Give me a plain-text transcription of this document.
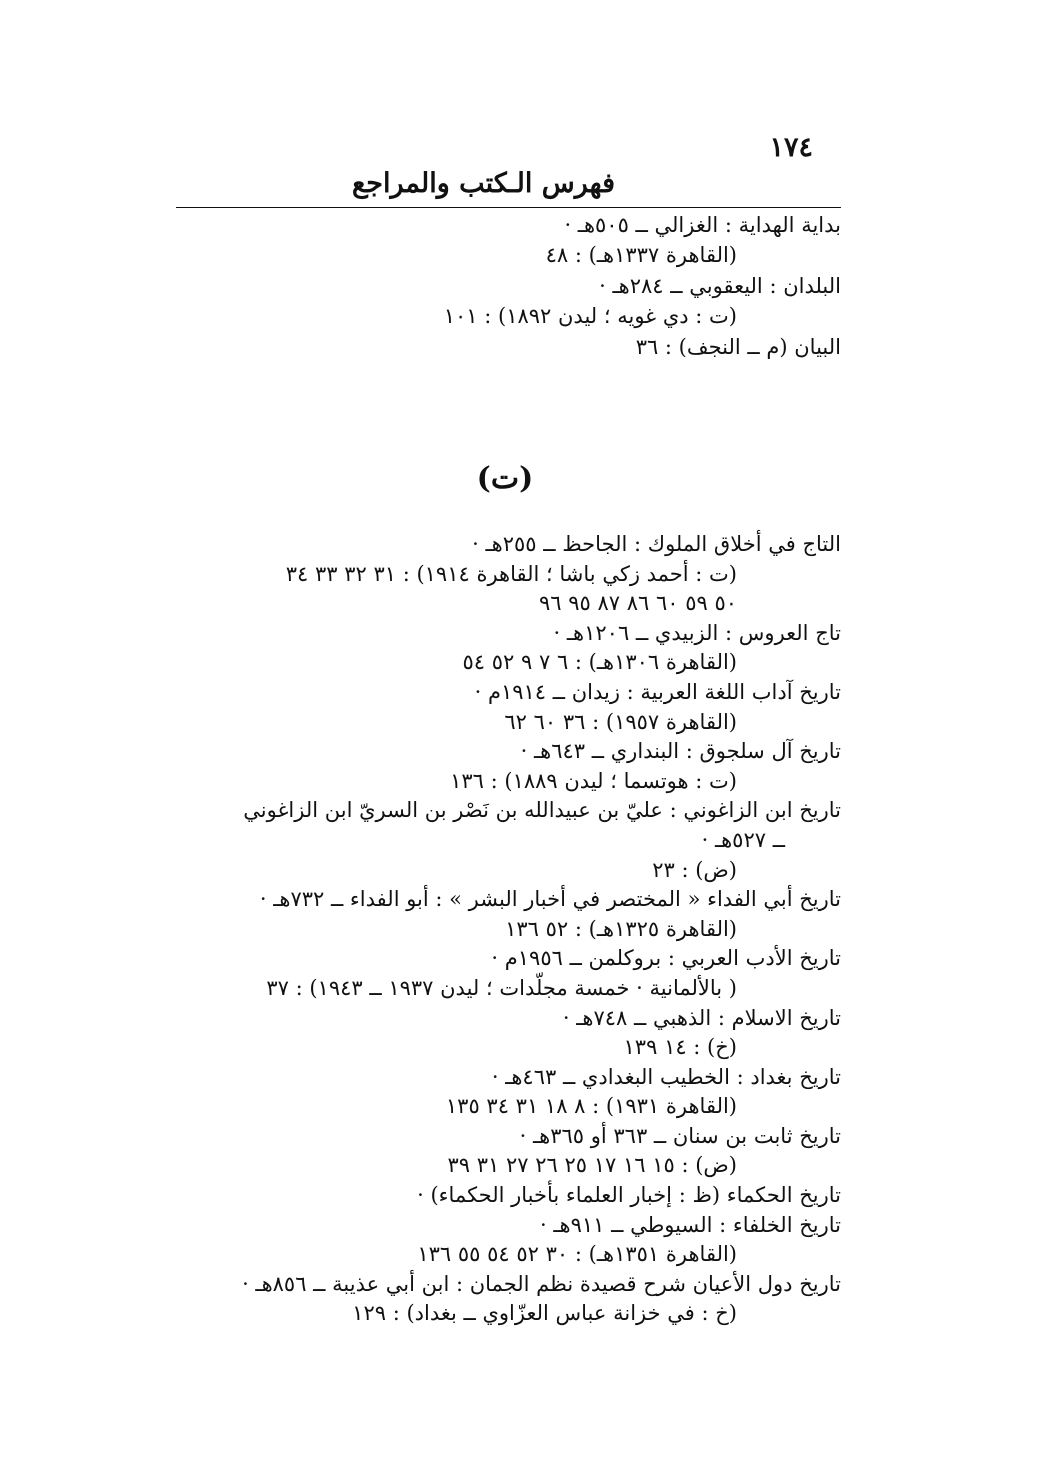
١٧٤

فهرس الـكتب والمراجع

بداية الهداية : الغزالي ــ ٥٠٥هـ ·
(القاهرة ١٣٣٧هـ) : ٤٨
البلدان : اليعقوبي ــ ٢٨٤هـ ·
(ت : دي غويه ؛ ليدن ١٨٩٢) : ١٠١
البيان (م ــ النجف) : ٣٦

(ت)

التاج في أخلاق الملوك : الجاحظ ــ ٢٥٥هـ ·
(ت : أحمد زكي باشا ؛ القاهرة ١٩١٤) : ٣١ ٣٢ ٣٣ ٣٤
٥٠ ٥٩ ٦٠ ٨٦ ٨٧ ٩٥ ٩٦
تاج العروس : الزبيدي ــ ١٢٠٦هـ ·
(القاهرة ١٣٠٦هـ) : ٦ ٧ ٩ ٥٢ ٥٤
تاريخ آداب اللغة العربية : زيدان ــ ١٩١٤م ·
(القاهرة ١٩٥٧) : ٣٦ ٦٠ ٦٢
تاريخ آل سلجوق : البنداري ــ ٦٤٣هـ ·
(ت : هوتسما ؛ ليدن ١٨٨٩) : ١٣٦
تاريخ ابن الزاغوني : عليّ بن عبيدالله بن نَصْر بن السريّ ابن الزاغوني
ــ ٥٢٧هـ ·
(ض) : ٢٣
تاريخ أبي الفداء « المختصر في أخبار البشر » : أبو الفداء ــ ٧٣٢هـ ·
(القاهرة ١٣٢٥هـ) : ٥٢ ١٣٦
تاريخ الأدب العربي : بروكلمن ــ ١٩٥٦م ·
( بالألمانية · خمسة مجلّدات ؛ ليدن ١٩٣٧ ــ ١٩٤٣) : ٣٧
تاريخ الاسلام : الذهبي ــ ٧٤٨هـ ·
(خ) : ١٤ ١٣٩
تاريخ بغداد : الخطيب البغدادي ــ ٤٦٣هـ ·
(القاهرة ١٩٣١) : ٨ ١٨ ٣١ ٣٤ ١٣٥
تاريخ ثابت بن سنان ــ ٣٦٣ أو ٣٦٥هـ ·
(ض) : ١٥ ١٦ ١٧ ٢٥ ٢٦ ٢٧ ٣١ ٣٩
تاريخ الحكماء (ظ : إخبار العلماء بأخبار الحكماء) ·
تاريخ الخلفاء : السيوطي ــ ٩١١هـ ·
(القاهرة ١٣٥١هـ) : ٣٠ ٥٢ ٥٤ ٥٥ ١٣٦
تاريخ دول الأعيان شرح قصيدة نظم الجمان : ابن أبي عذيبة ــ ٨٥٦هـ ·
(خ : في خزانة عباس العزّاوي ــ بغداد) : ١٢٩
